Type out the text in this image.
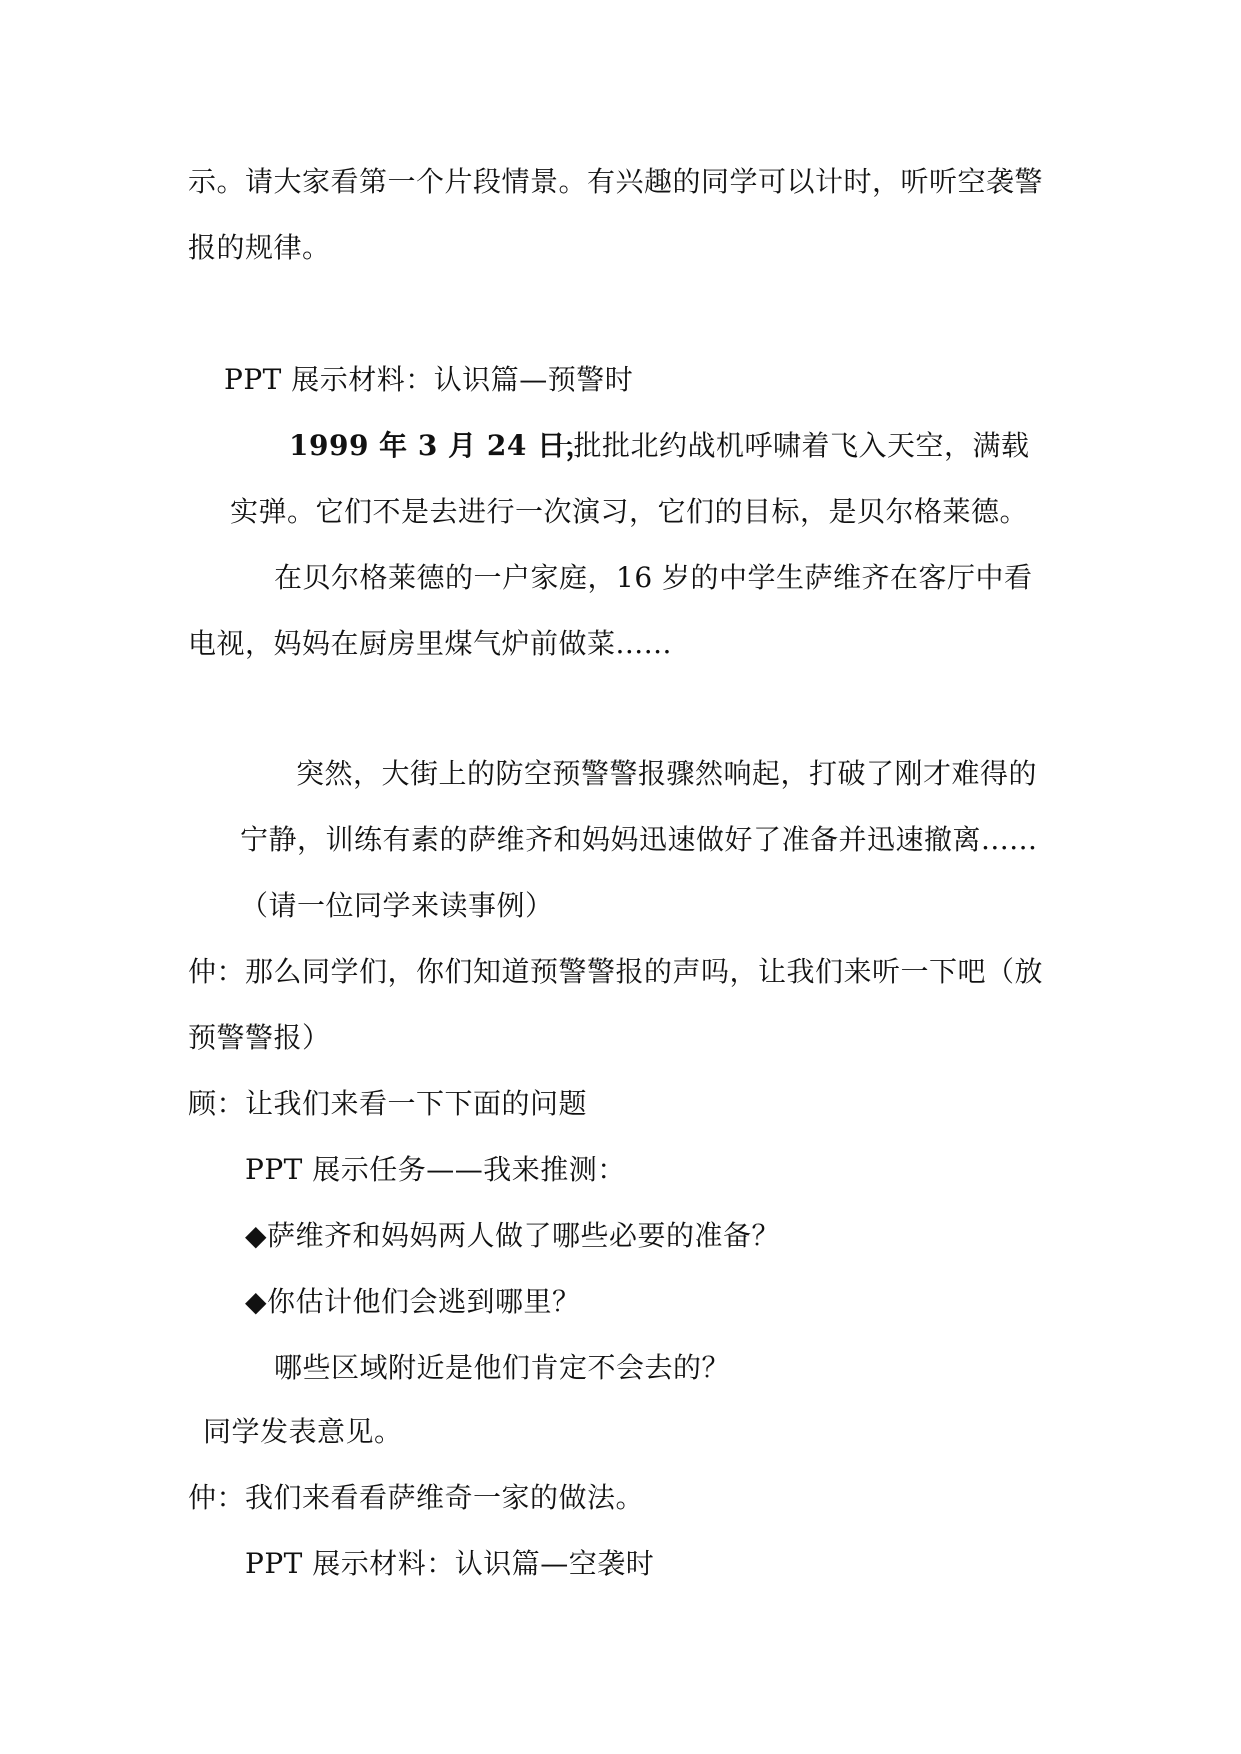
示。请大家看第一个片段情景。有兴趣的同学可以计时，听听空袭警
报的规律。
PPT 展示材料：认识篇—预警时
1999 年 3 月 24 日，
一批批北约战机呼啸着飞入天空，满载
实弹。它们不是去进行一次演习，它们的目标，是贝尔格莱德。
在贝尔格莱德的一户家庭，16 岁的中学生萨维齐在客厅中看
电视，妈妈在厨房里煤气炉前做菜......
突然，大街上的防空预警警报骤然响起，打破了刚才难得的
宁静，训练有素的萨维齐和妈妈迅速做好了准备并迅速撤离......
（请一位同学来读事例）
仲：那么同学们，你们知道预警警报的声吗，让我们来听一下吧（放
预警警报）
顾：让我们来看一下下面的问题
PPT 展示任务——我来推测：
◆萨维齐和妈妈两人做了哪些必要的准备？
◆你估计他们会逃到哪里？
哪些区域附近是他们肯定不会去的？
同学发表意见。
仲：我们来看看萨维奇一家的做法。
PPT 展示材料：认识篇—空袭时
